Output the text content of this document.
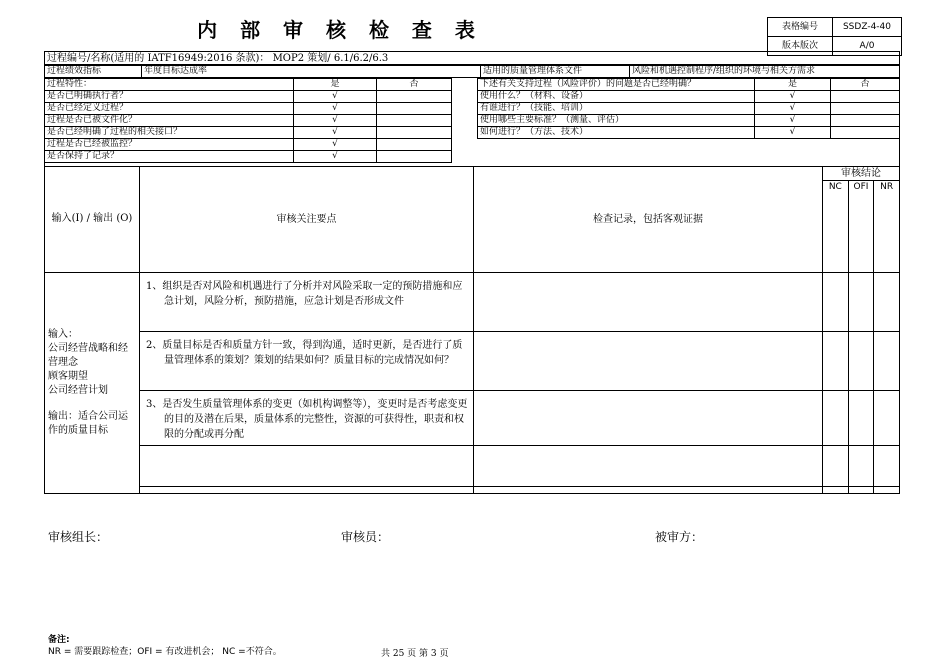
内 部 审 核 检 查 表	表格编号	SSDZ-4-40
版本版次	A/0
过程编号/名称(适用的 IATF16949:2016 条款)： MOP2 策划/ 6.1/6.2/6.3
过程绩效指标	年度目标达成率	适用的质量管理体系文件	风险和机遇控制程序/组织的环境与相关方需求
过程特性：	是	否
是否已明确执行者？	√	
是否已经定义过程？	√	
过程是否已被文件化？	√	
是否已经明确了过程的相关接口？	√	
过程是否已经被监控？	√	
是否保持了记录？	√	
下述有关支持过程（风险评价）的问题是否已经明确？	是	否
使用什么？（材料、设备）	√	
有谁进行？（技能、培训）	√	
使用哪些主要标准？（测量、评估）	√	
如何进行？（方法、技术）	√	
输入(I) / 输出 (O)	审核关注要点	检查记录，包括客观证据	审核结论		
			NC	OFI	NR

输入：
公司经营战略和经营理念
顾客期望
公司经营计划
输出：适合公司运作的质量目标	1、组织是否对风险和机遇进行了分析并对风险采取一定的预防措施和应急计划，风险分析，预防措施，应急计划是否形成文件				
	2、质量目标是否和质量方针一致，得到沟通，适时更新，是否进行了质量管理体系的策划？策划的结果如何？质量目标的完成情况如何？				
	3、是否发生质量管理体系的变更（如机构调整等），变更时是否考虑变更的目的及潜在后果，质量体系的完整性，资源的可获得性，职责和权限的分配或再分配				

审核组长：	审核员：	被审方：
备注:
NR = 需要跟踪检查；OFI = 有改进机会； NC =不符合。	共 25 页 第 3 页
